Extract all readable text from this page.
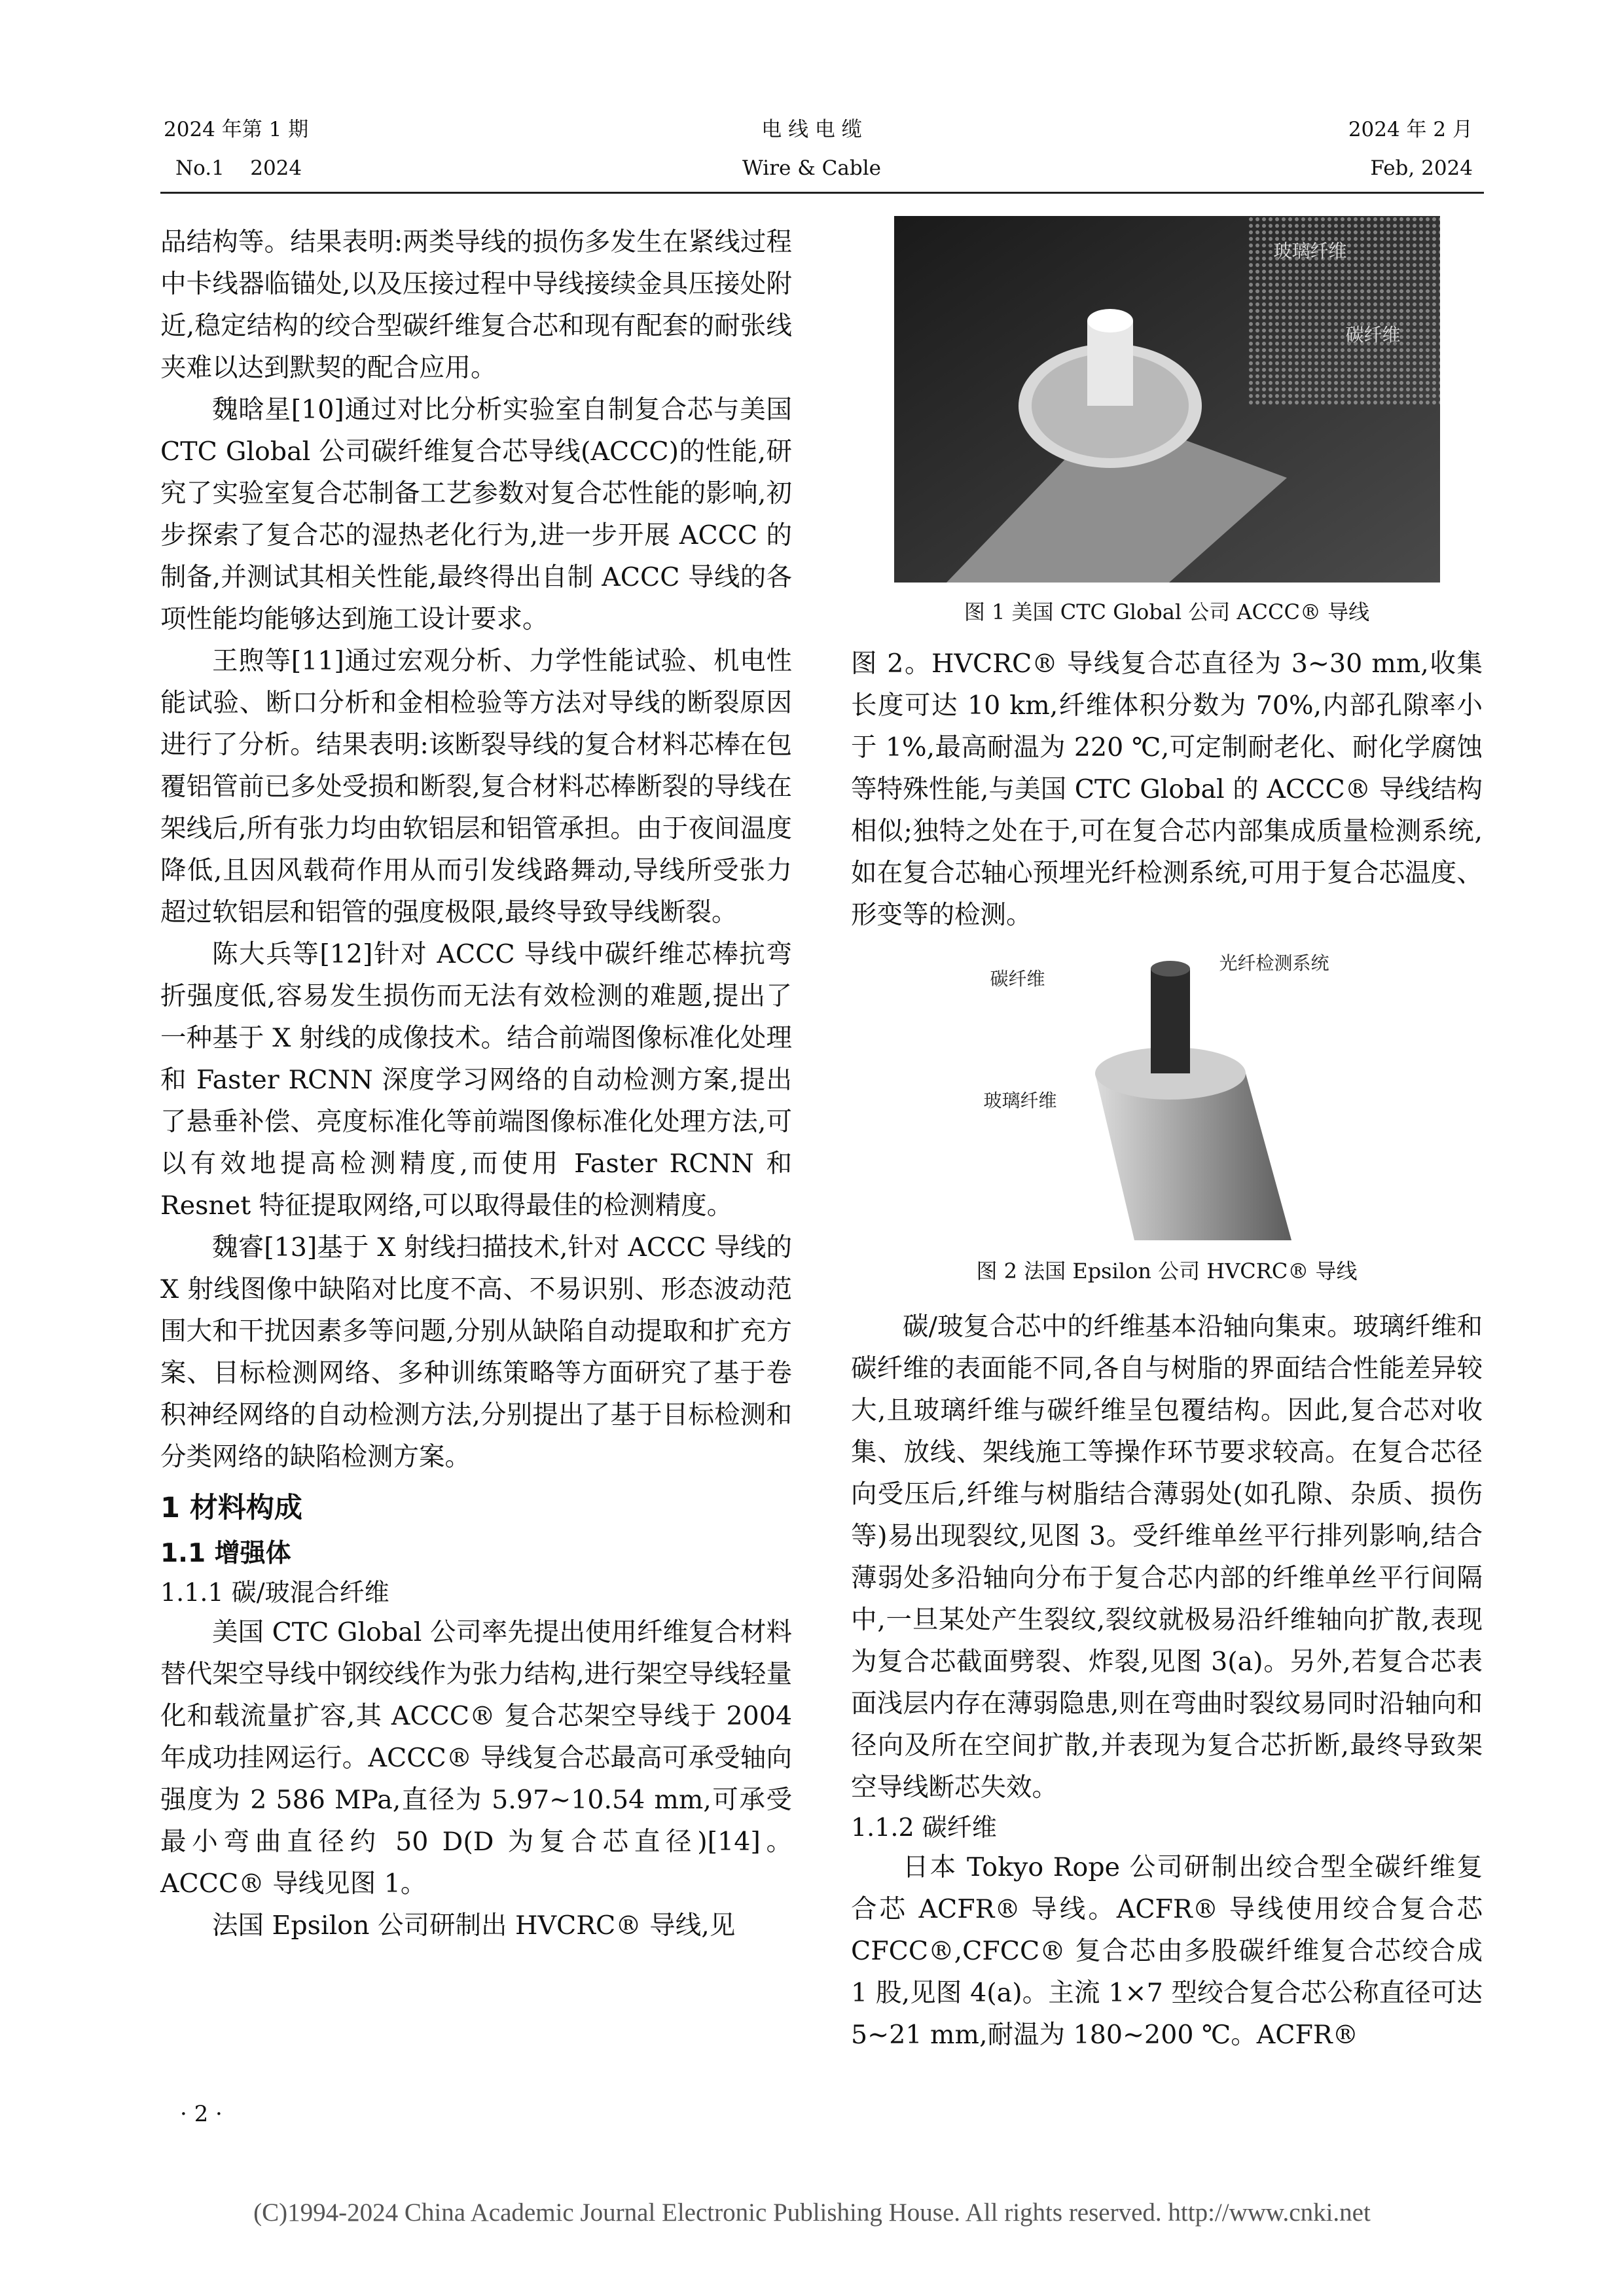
2024 年第 1 期
No.1    2024
电 线 电 缆
Wire & Cable
2024 年 2 月
Feb, 2024

品结构等。结果表明:两类导线的损伤多发生在紧线过程中卡线器临锚处,以及压接过程中导线接续金具压接处附近,稳定结构的绞合型碳纤维复合芯和现有配套的耐张线夹难以达到默契的配合应用。

魏晗星[10]通过对比分析实验室自制复合芯与美国 CTC Global 公司碳纤维复合芯导线(ACCC)的性能,研究了实验室复合芯制备工艺参数对复合芯性能的影响,初步探索了复合芯的湿热老化行为,进一步开展 ACCC 的制备,并测试其相关性能,最终得出自制 ACCC 导线的各项性能均能够达到施工设计要求。

王煦等[11]通过宏观分析、力学性能试验、机电性能试验、断口分析和金相检验等方法对导线的断裂原因进行了分析。结果表明:该断裂导线的复合材料芯棒在包覆铝管前已多处受损和断裂,复合材料芯棒断裂的导线在架线后,所有张力均由软铝层和铝管承担。由于夜间温度降低,且因风载荷作用从而引发线路舞动,导线所受张力超过软铝层和铝管的强度极限,最终导致导线断裂。

陈大兵等[12]针对 ACCC 导线中碳纤维芯棒抗弯折强度低,容易发生损伤而无法有效检测的难题,提出了一种基于 X 射线的成像技术。结合前端图像标准化处理和 Faster RCNN 深度学习网络的自动检测方案,提出了悬垂补偿、亮度标准化等前端图像标准化处理方法,可以有效地提高检测精度,而使用 Faster RCNN 和 Resnet 特征提取网络,可以取得最佳的检测精度。

魏睿[13]基于 X 射线扫描技术,针对 ACCC 导线的 X 射线图像中缺陷对比度不高、不易识别、形态波动范围大和干扰因素多等问题,分别从缺陷自动提取和扩充方案、目标检测网络、多种训练策略等方面研究了基于卷积神经网络的自动检测方法,分别提出了基于目标检测和分类网络的缺陷检测方案。

1 材料构成

1.1 增强体

1.1.1 碳/玻混合纤维

美国 CTC Global 公司率先提出使用纤维复合材料替代架空导线中钢绞线作为张力结构,进行架空导线轻量化和载流量扩容,其 ACCC® 复合芯架空导线于 2004 年成功挂网运行。ACCC® 导线复合芯最高可承受轴向强度为 2 586 MPa,直径为 5.97~10.54 mm,可承受最小弯曲直径约 50 D(D 为复合芯直径)[14]。ACCC® 导线见图 1。

法国 Epsilon 公司研制出 HVCRC® 导线,见

玻璃纤维
碳纤维

图 1 美国 CTC Global 公司 ACCC® 导线

图 2。HVCRC® 导线复合芯直径为 3~30 mm,收集长度可达 10 km,纤维体积分数为 70%,内部孔隙率小于 1%,最高耐温为 220 ℃,可定制耐老化、耐化学腐蚀等特殊性能,与美国 CTC Global 的 ACCC® 导线结构相似;独特之处在于,可在复合芯内部集成质量检测系统,如在复合芯轴心预埋光纤检测系统,可用于复合芯温度、形变等的检测。

碳纤维
光纤检测系统
玻璃纤维

图 2 法国 Epsilon 公司 HVCRC® 导线

碳/玻复合芯中的纤维基本沿轴向集束。玻璃纤维和碳纤维的表面能不同,各自与树脂的界面结合性能差异较大,且玻璃纤维与碳纤维呈包覆结构。因此,复合芯对收集、放线、架线施工等操作环节要求较高。在复合芯径向受压后,纤维与树脂结合薄弱处(如孔隙、杂质、损伤等)易出现裂纹,见图 3。受纤维单丝平行排列影响,结合薄弱处多沿轴向分布于复合芯内部的纤维单丝平行间隔中,一旦某处产生裂纹,裂纹就极易沿纤维轴向扩散,表现为复合芯截面劈裂、炸裂,见图 3(a)。另外,若复合芯表面浅层内存在薄弱隐患,则在弯曲时裂纹易同时沿轴向和径向及所在空间扩散,并表现为复合芯折断,最终导致架空导线断芯失效。

1.1.2 碳纤维

日本 Tokyo Rope 公司研制出绞合型全碳纤维复合芯 ACFR® 导线。ACFR® 导线使用绞合复合芯 CFCC®,CFCC® 复合芯由多股碳纤维复合芯绞合成 1 股,见图 4(a)。主流 1×7 型绞合复合芯公称直径可达 5~21 mm,耐温为 180~200 ℃。ACFR®

· 2 ·
(C)1994-2024 China Academic Journal Electronic Publishing House. All rights reserved. http://www.cnki.net
